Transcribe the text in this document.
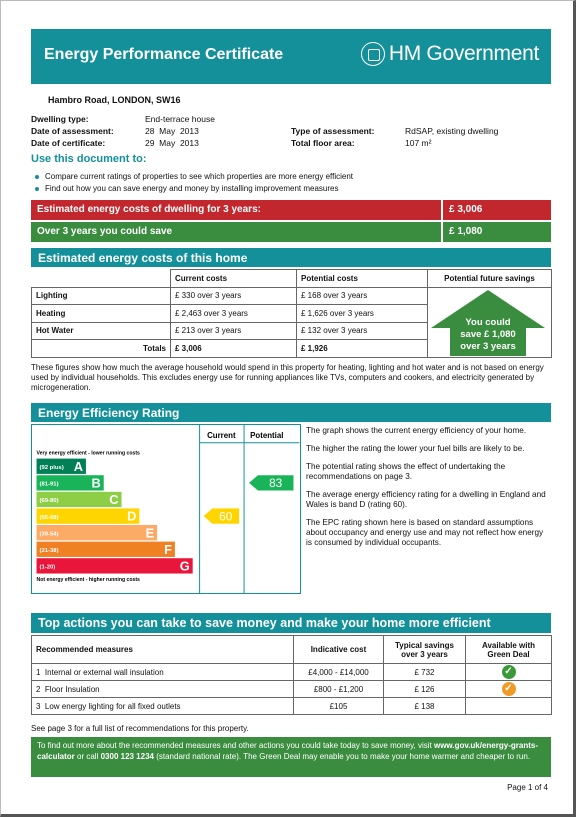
Energy Performance Certificate	HM Government
Hambro Road, LONDON, SW16
Dwelling type:	End-terrace house
Date of assessment:	28  May  2013
Date of certificate:	29  May  2013
Type of assessment:	RdSAP, existing dwelling
Total floor area:	107 m²
Use this document to:
Compare current ratings of properties to see which properties are more energy efficient
Find out how you can save energy and money by installing improvement measures
Estimated energy costs of dwelling for 3 years:	£ 3,006
Over 3 years you could save	£ 1,080
Estimated energy costs of this home
	Current costs	Potential costs	Potential future savings
Lighting	£ 330 over 3 years	£ 168 over 3 years	
Heating	£ 2,463 over 3 years	£ 1,626 over 3 years	
Hot Water	£ 213 over 3 years	£ 132 over 3 years	
Totals	£ 3,006	£ 1,926	
You could
save £ 1,080
over 3 years
These figures show how much the average household would spend in this property for heating, lighting and hot water and is not based on energy used by individual households. This excludes energy use for running appliances like TVs, computers and cookers, and electricity generated by microgeneration.
Energy Efficiency Rating
Current Potential
Very energy efficient - lower running costs
Not energy efficient - higher running costs
(92 plus) A
(81-91)	B
(69-80)	C
(55-68)	D
(39-54)	E
(21-38)	F
(1-20)	G
60
83

The graph shows the current energy efficiency of your home.

The higher the rating the lower your fuel bills are likely to be.

The potential rating shows the effect of undertaking the recommendations on page 3.

The average energy efficiency rating for a dwelling in England and Wales is band D (rating 60).

The EPC rating shown here is based on standard assumptions about occupancy and energy use and may not reflect how energy is consumed by individual occupants.

Top actions you can take to save money and make your home more efficient
Recommended measures	Indicative cost	Typical savings over 3 years	Available with Green Deal
1 Internal or external wall insulation	£4,000 - £14,000	£ 732	✓
2 Floor Insulation	£800 - £1,200	£ 126	✓
3 Low energy lighting for all fixed outlets	£105	£ 138	
See page 3 for a full list of recommendations for this property.
To find out more about the recommended measures and other actions you could take today to save money, visit www.gov.uk/energy-grants-calculator or call 0300 123 1234 (standard national rate). The Green Deal may enable you to make your home warmer and cheaper to run.
Page 1 of 4
